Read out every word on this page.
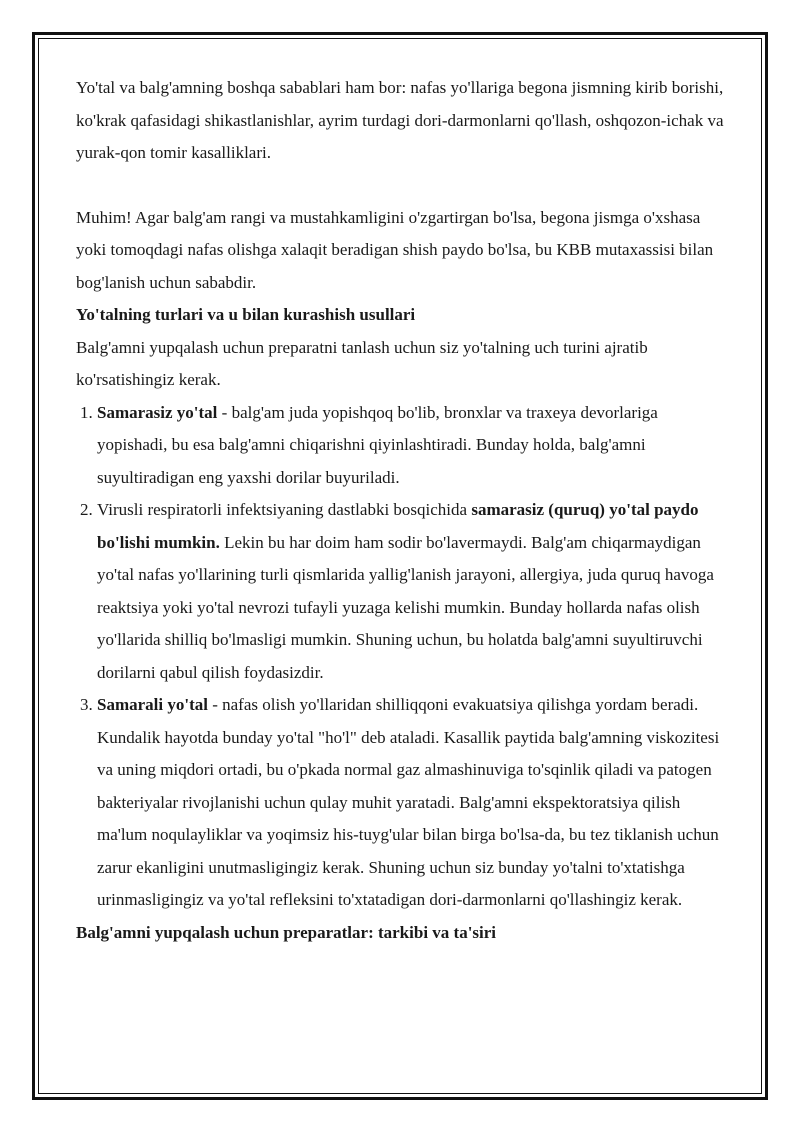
Yo'tal va balg'amning boshqa sabablari ham bor: nafas yo'llariga begona jismning kirib borishi, ko'krak qafasidagi shikastlanishlar, ayrim turdagi dori-darmonlarni qo'llash, oshqozon-ichak va yurak-qon tomir kasalliklari.

Muhim! Agar balg'am rangi va mustahkamligini o'zgartirgan bo'lsa, begona jismga o'xshasa yoki tomoqdagi nafas olishga xalaqit beradigan shish paydo bo'lsa, bu KBB mutaxassisi bilan bog'lanish uchun sababdir.

Yo'talning turlari va u bilan kurashish usullari

Balg'amni yupqalash uchun preparatni tanlash uchun siz yo'talning uch turini ajratib ko'rsatishingiz kerak.

1. Samarasiz yo'tal - balg'am juda yopishqoq bo'lib, bronxlar va traxeya devorlariga yopishadi, bu esa balg'amni chiqarishni qiyinlashtiradi. Bunday holda, balg'amni suyultiradigan eng yaxshi dorilar buyuriladi.
2. Virusli respiratorli infektsiyaning dastlabki bosqichida samarasiz (quruq) yo'tal paydo bo'lishi mumkin. Lekin bu har doim ham sodir bo'lavermaydi. Balg'am chiqarmaydigan yo'tal nafas yo'llarining turli qismlarida yallig'lanish jarayoni, allergiya, juda quruq havoga reaktsiya yoki yo'tal nevrozi tufayli yuzaga kelishi mumkin. Bunday hollarda nafas olish yo'llarida shilliq bo'lmasligi mumkin. Shuning uchun, bu holatda balg'amni suyultiruvchi dorilarni qabul qilish foydasizdir.
3. Samarali yo'tal - nafas olish yo'llaridan shilliqqoni evakuatsiya qilishga yordam beradi. Kundalik hayotda bunday yo'tal "ho'l" deb ataladi. Kasallik paytida balg'amning viskozitesi va uning miqdori ortadi, bu o'pkada normal gaz almashinuviga to'sqinlik qiladi va patogen bakteriyalar rivojlanishi uchun qulay muhit yaratadi. Balg'amni ekspektoratsiya qilish ma'lum noqulayliklar va yoqimsiz his-tuyg'ular bilan birga bo'lsa-da, bu tez tiklanish uchun zarur ekanligini unutmasligingiz kerak. Shuning uchun siz bunday yo'talni to'xtatishga urinmasligingiz va yo'tal refleksini to'xtatadigan dori-darmonlarni qo'llashingiz kerak.

Balg'amni yupqalash uchun preparatlar: tarkibi va ta'siri
